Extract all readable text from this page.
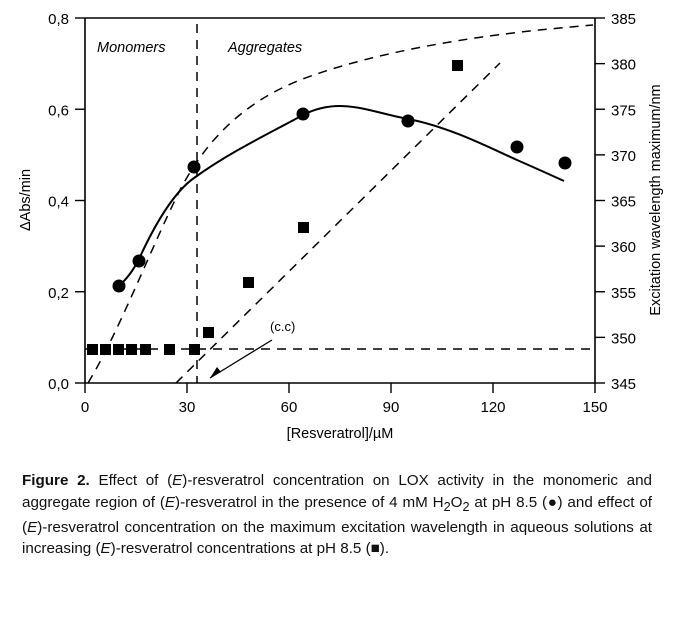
0,0
0,2
0,4
0,6
0,8
345
350
355
360
365
370
375
380
385
0	30	60	90	120	150
[Resveratrol]/µM
ΔAbs/min	Excitation wavelength maximum/nm
Monomers	Aggregates
(c.c)
Figure 2. Effect of (E)-resveratrol concentration on LOX activity in the monomeric and aggregate region of (E)-resveratrol in the presence of 4 mM $H_2O_2$ at pH 8.5 (●) and effect of (E)-resveratrol concentration on the maximum excitation wavelength in aqueous solutions at increasing (E)-resveratrol concentrations at pH 8.5 (■).
